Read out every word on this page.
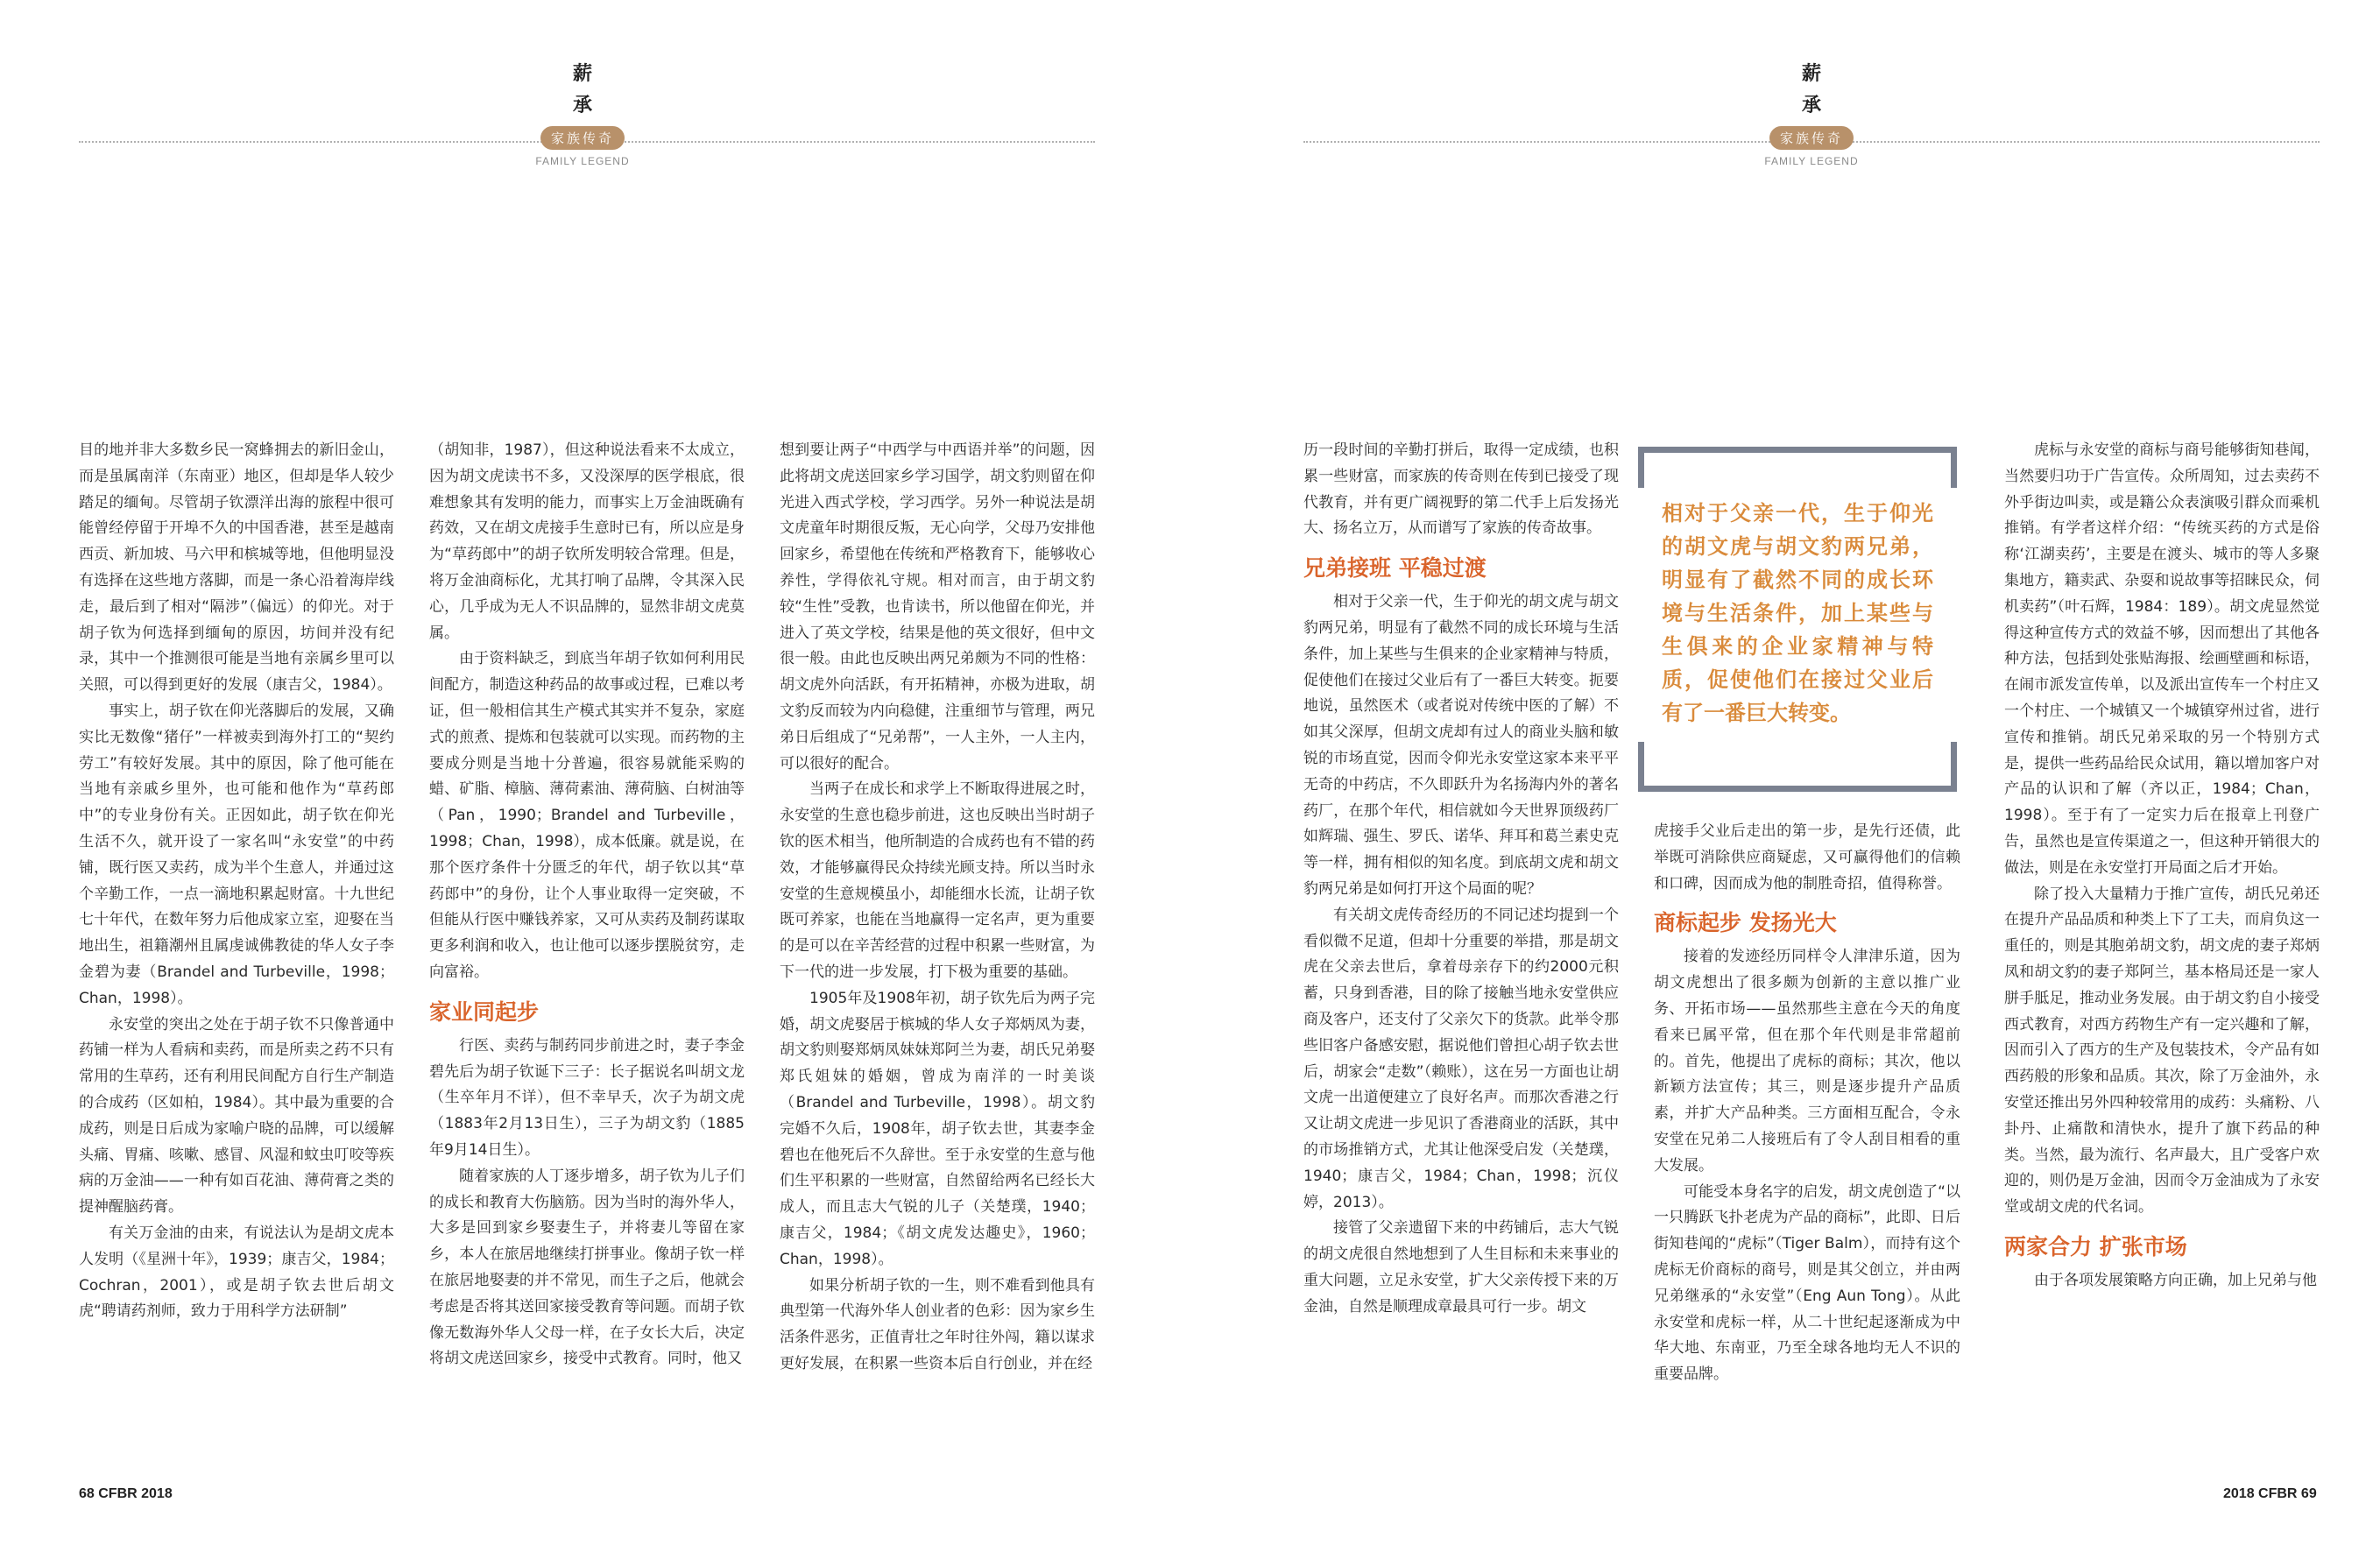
薪
承
家族传奇
FAMILY LEGEND
68 CFBR 2018
薪
承
家族传奇
FAMILY LEGEND
2018 CFBR 69

目的地并非大多数乡民一窝蜂拥去的新旧金山，而是虽属南洋（东南亚）地区，但却是华人较少踏足的缅甸。尽管胡子钦漂洋出海的旅程中很可能曾经停留于开埠不久的中国香港，甚至是越南西贡、新加坡、马六甲和槟城等地，但他明显没有选择在这些地方落脚，而是一条心沿着海岸线走，最后到了相对“隔涉”（偏远）的仰光。对于胡子钦为何选择到缅甸的原因，坊间并没有纪录，其中一个推测很可能是当地有亲属乡里可以关照，可以得到更好的发展（康吉父，1984）。

事实上，胡子钦在仰光落脚后的发展，又确实比无数像“猪仔”一样被卖到海外打工的“契约劳工”有较好发展。其中的原因，除了他可能在当地有亲戚乡里外，也可能和他作为“草药郎中”的专业身份有关。正因如此，胡子钦在仰光生活不久，就开设了一家名叫“永安堂”的中药铺，既行医又卖药，成为半个生意人，并通过这个辛勤工作，一点一滴地积累起财富。十九世纪七十年代，在数年努力后他成家立室，迎娶在当地出生，祖籍潮州且属虔诚佛教徒的华人女子李金碧为妻（Brandel and Turbeville，1998；Chan，1998）。

永安堂的突出之处在于胡子钦不只像普通中药铺一样为人看病和卖药，而是所卖之药不只有常用的生草药，还有利用民间配方自行生产制造的合成药（区如柏，1984）。其中最为重要的合成药，则是日后成为家喻户晓的品牌，可以缓解头痛、胃痛、咳嗽、感冒、风湿和蚊虫叮咬等疾病的万金油——一种有如百花油、薄荷膏之类的提神醒脑药膏。

有关万金油的由来，有说法认为是胡文虎本人发明（《星洲十年》，1939；康吉父，1984；Cochran，2001），或是胡子钦去世后胡文虎“聘请药剂师，致力于用科学方法研制”

（胡知非，1987），但这种说法看来不太成立，因为胡文虎读书不多，又没深厚的医学根底，很难想象其有发明的能力，而事实上万金油既确有药效，又在胡文虎接手生意时已有，所以应是身为“草药郎中”的胡子钦所发明较合常理。但是，将万金油商标化，尤其打响了品牌，令其深入民心，几乎成为无人不识品牌的，显然非胡文虎莫属。

由于资料缺乏，到底当年胡子钦如何利用民间配方，制造这种药品的故事或过程，已难以考证，但一般相信其生产模式其实并不复杂，家庭式的煎煮、提炼和包装就可以实现。而药物的主要成分则是当地十分普遍，很容易就能采购的蜡、矿脂、樟脑、薄荷素油、薄荷脑、白树油等（Pan，1990；Brandel and Turbeville，1998；Chan，1998），成本低廉。就是说，在那个医疗条件十分匮乏的年代，胡子钦以其“草药郎中”的身份，让个人事业取得一定突破，不但能从行医中赚钱养家，又可从卖药及制药谋取更多利润和收入，也让他可以逐步摆脱贫穷，走向富裕。

家业同起步

行医、卖药与制药同步前进之时，妻子李金碧先后为胡子钦诞下三子：长子据说名叫胡文龙（生卒年月不详），但不幸早夭，次子为胡文虎（1883年2月13日生），三子为胡文豹（1885年9月14日生）。

随着家族的人丁逐步增多，胡子钦为儿子们的成长和教育大伤脑筋。因为当时的海外华人，大多是回到家乡娶妻生子，并将妻儿等留在家乡，本人在旅居地继续打拼事业。像胡子钦一样在旅居地娶妻的并不常见，而生子之后，他就会考虑是否将其送回家接受教育等问题。而胡子钦像无数海外华人父母一样，在子女长大后，决定将胡文虎送回家乡，接受中式教育。同时，他又

想到要让两子“中西学与中西语并举”的问题，因此将胡文虎送回家乡学习国学，胡文豹则留在仰光进入西式学校，学习西学。另外一种说法是胡文虎童年时期很反叛，无心向学，父母乃安排他回家乡，希望他在传统和严格教育下，能够收心养性，学得依礼守规。相对而言，由于胡文豹较“生性”受教，也肯读书，所以他留在仰光，并进入了英文学校，结果是他的英文很好，但中文很一般。由此也反映出两兄弟颇为不同的性格：胡文虎外向活跃，有开拓精神，亦极为进取，胡文豹反而较为内向稳健，注重细节与管理，两兄弟日后组成了“兄弟帮”，一人主外，一人主内，可以很好的配合。

当两子在成长和求学上不断取得进展之时，永安堂的生意也稳步前进，这也反映出当时胡子钦的医术相当，他所制造的合成药也有不错的药效，才能够赢得民众持续光顾支持。所以当时永安堂的生意规模虽小，却能细水长流，让胡子钦既可养家，也能在当地赢得一定名声，更为重要的是可以在辛苦经营的过程中积累一些财富，为下一代的进一步发展，打下极为重要的基础。

1905年及1908年初，胡子钦先后为两子完婚，胡文虎娶居于槟城的华人女子郑炳凤为妻，胡文豹则娶郑炳凤妹妹郑阿兰为妻，胡氏兄弟娶郑氏姐妹的婚姻，曾成为南洋的一时美谈（Brandel and Turbeville，1998）。胡文豹完婚不久后，1908年，胡子钦去世，其妻李金碧也在他死后不久辞世。至于永安堂的生意与他们生平积累的一些财富，自然留给两名已经长大成人，而且志大气锐的儿子（关楚璞，1940；康吉父，1984；《胡文虎发达趣史》，1960；Chan，1998）。

如果分析胡子钦的一生，则不难看到他具有典型第一代海外华人创业者的色彩：因为家乡生活条件恶劣，正值青壮之年时往外闯，籍以谋求更好发展，在积累一些资本后自行创业，并在经

历一段时间的辛勤打拼后，取得一定成绩，也积累一些财富，而家族的传奇则在传到已接受了现代教育，并有更广阔视野的第二代手上后发扬光大、扬名立万，从而谱写了家族的传奇故事。

兄弟接班 平稳过渡

相对于父亲一代，生于仰光的胡文虎与胡文豹两兄弟，明显有了截然不同的成长环境与生活条件，加上某些与生俱来的企业家精神与特质，促使他们在接过父业后有了一番巨大转变。扼要地说，虽然医术（或者说对传统中医的了解）不如其父深厚，但胡文虎却有过人的商业头脑和敏锐的市场直觉，因而令仰光永安堂这家本来平平无奇的中药店，不久即跃升为名扬海内外的著名药厂，在那个年代，相信就如今天世界顶级药厂如辉瑞、强生、罗氏、诺华、拜耳和葛兰素史克等一样，拥有相似的知名度。到底胡文虎和胡文豹两兄弟是如何打开这个局面的呢？

有关胡文虎传奇经历的不同记述均提到一个看似微不足道，但却十分重要的举措，那是胡文虎在父亲去世后，拿着母亲存下的约2000元积蓄，只身到香港，目的除了接触当地永安堂供应商及客户，还支付了父亲欠下的货款。此举令那些旧客户备感安慰，据说他们曾担心胡子钦去世后，胡家会“走数”（赖账），这在另一方面也让胡文虎一出道便建立了良好名声。而那次香港之行又让胡文虎进一步见识了香港商业的活跃，其中的市场推销方式，尤其让他深受启发（关楚璞，1940；康吉父，1984；Chan，1998；沉仪婷，2013）。

接管了父亲遗留下来的中药铺后，志大气锐的胡文虎很自然地想到了人生目标和未来事业的重大问题，立足永安堂，扩大父亲传授下来的万金油，自然是顺理成章最具可行一步。胡文

虎接手父业后走出的第一步，是先行还债，此举既可消除供应商疑虑，又可赢得他们的信赖和口碑，因而成为他的制胜奇招，值得称誉。

商标起步 发扬光大

接着的发迹经历同样令人津津乐道，因为胡文虎想出了很多颇为创新的主意以推广业务、开拓市场——虽然那些主意在今天的角度看来已属平常，但在那个年代则是非常超前的。首先，他提出了虎标的商标；其次，他以新颖方法宣传；其三，则是逐步提升产品质素，并扩大产品种类。三方面相互配合，令永安堂在兄弟二人接班后有了令人刮目相看的重大发展。

可能受本身名字的启发，胡文虎创造了“以一只腾跃飞扑老虎为产品的商标”，此即、日后街知巷闻的“虎标”（Tiger Balm），而持有这个虎标无价商标的商号，则是其父创立，并由两兄弟继承的“永安堂”（Eng Aun Tong）。从此永安堂和虎标一样，从二十世纪起逐渐成为中华大地、东南亚，乃至全球各地均无人不识的重要品牌。

虎标与永安堂的商标与商号能够街知巷闻，当然要归功于广告宣传。众所周知，过去卖药不外乎街边叫卖，或是籍公众表演吸引群众而乘机推销。有学者这样介绍：“传统买药的方式是俗称‘江湖卖药’，主要是在渡头、城市的等人多聚集地方，籍卖武、杂耍和说故事等招睐民众，伺机卖药”（叶石辉，1984：189）。胡文虎显然觉得这种宣传方式的效益不够，因而想出了其他各种方法，包括到处张贴海报、绘画壁画和标语，在闹市派发宣传单，以及派出宣传车一个村庄又一个村庄、一个城镇又一个城镇穿州过省，进行宣传和推销。胡氏兄弟采取的另一个特别方式是，提供一些药品给民众试用，籍以增加客户对产品的认识和了解（齐以正，1984；Chan，1998）。至于有了一定实力后在报章上刊登广告，虽然也是宣传渠道之一，但这种开销很大的做法，则是在永安堂打开局面之后才开始。

除了投入大量精力于推广宣传，胡氏兄弟还在提升产品品质和种类上下了工夫，而肩负这一重任的，则是其胞弟胡文豹，胡文虎的妻子郑炳凤和胡文豹的妻子郑阿兰，基本格局还是一家人胼手胝足，推动业务发展。由于胡文豹自小接受西式教育，对西方药物生产有一定兴趣和了解，因而引入了西方的生产及包装技术，令产品有如西药般的形象和品质。其次，除了万金油外，永安堂还推出另外四种较常用的成药：头痛粉、八卦丹、止痛散和清快水，提升了旗下药品的种类。当然，最为流行、名声最大，且广受客户欢迎的，则仍是万金油，因而令万金油成为了永安堂或胡文虎的代名词。

两家合力 扩张市场

由于各项发展策略方向正确，加上兄弟与他

相对于父亲一代，生于仰光的胡文虎与胡文豹两兄弟，明显有了截然不同的成长环境与生活条件，加上某些与生俱来的企业家精神与特质，促使他们在接过父业后有了一番巨大转变。
